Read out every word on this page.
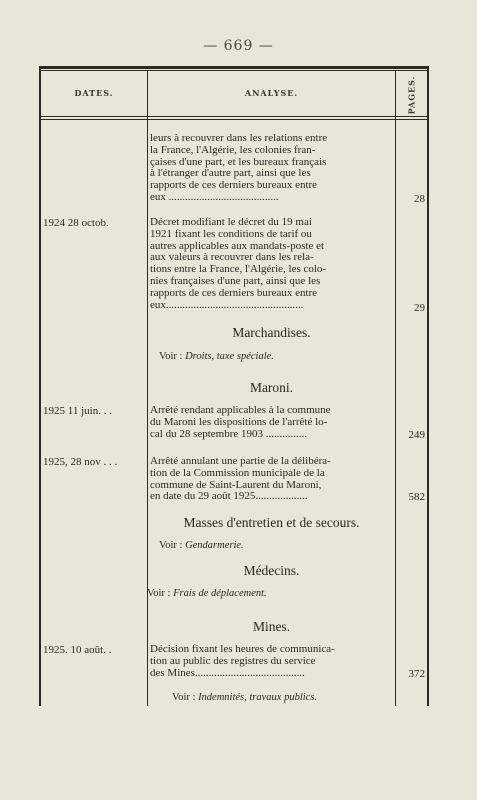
— 669 —
DATES.	ANALYSE.	PAGES.
leurs à recouvrer dans les relations entre
la France, l'Algérie, les colonies fran-
çaises d'une part, et les bureaux français
à l'étranger d'autre part, ainsi que les
rapports de ces derniers bureaux entre
eux ........................................	28
1924 28 octob.	Décret modifiant le décret du 19 mai
1921 fixant les conditions de tarif ou
autres applicables aux mandats-poste et
aux valeurs à recouvrer dans les rela-
tions entre la France, l'Algérie, les colo-
nies françaises d'une part, ainsi que les
rapports de ces derniers bureaux entre
eux..................................................	29
Marchandises.
Voir : Droits, taxe spéciale.
Maroni.
1925 11 juin. . .	Arrêté rendant applicables à la commune
du Maroni les dispositions de l'arrêté lo-
cal du 28 septembre 1903 ...............	249
1925, 28 nov . . .	Arrêté annulant une partie de la délibéra-
tion de la Commission municipale de la
commune de Saint-Laurent du Maroni,
en date du 29 août 1925...................	582
Masses d'entretien et de secours.
Voir : Gendarmerie.
Médecins.
Voir : Frais de déplacement.
Mines.
1925. 10 août. .	Décision fixant les heures de communica-
tion au public des registres du service
des Mines........................................	372
Voir : Indemnités, travaux publics.
